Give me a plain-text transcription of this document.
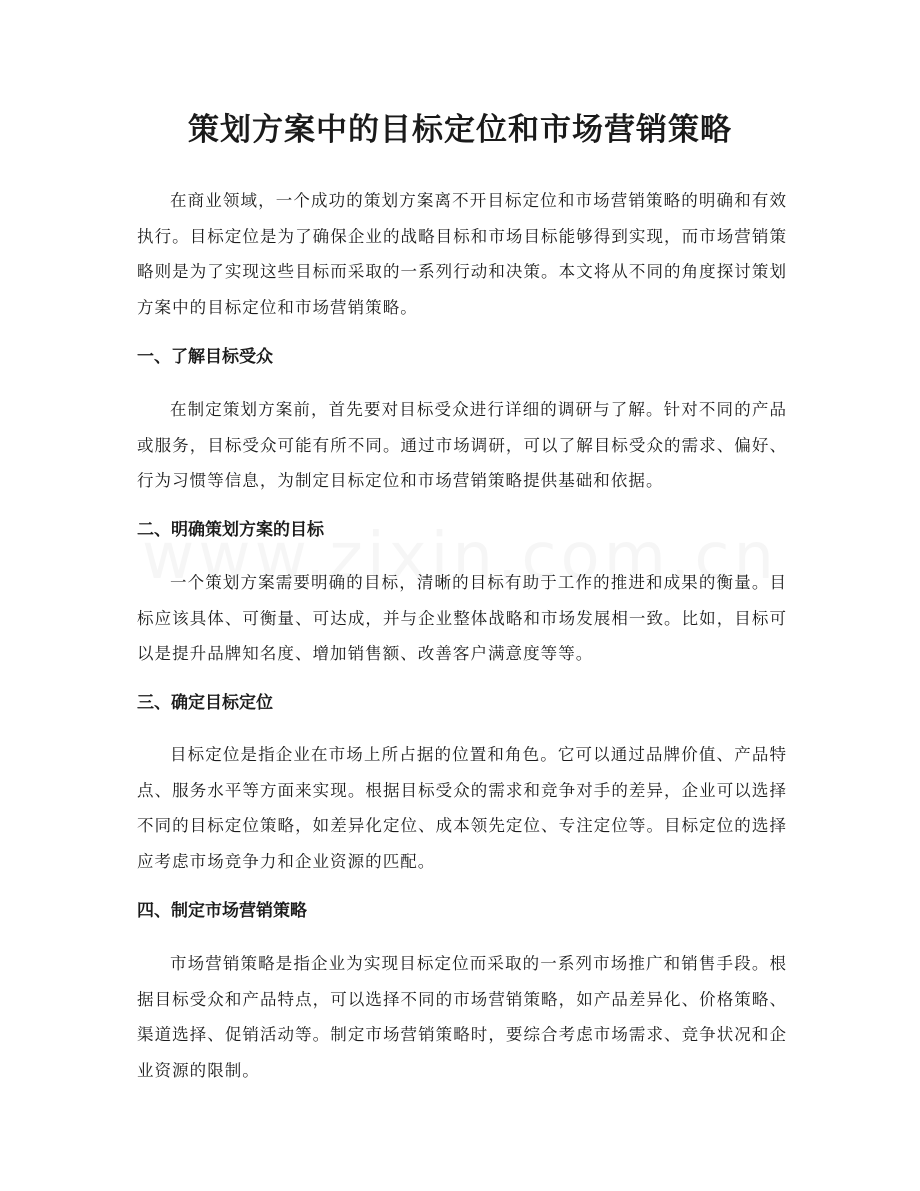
策划方案中的目标定位和市场营销策略

在商业领域，一个成功的策划方案离不开目标定位和市场营销策略的明确和有效执行。目标定位是为了确保企业的战略目标和市场目标能够得到实现，而市场营销策略则是为了实现这些目标而采取的一系列行动和决策。本文将从不同的角度探讨策划方案中的目标定位和市场营销策略。

一、了解目标受众

在制定策划方案前，首先要对目标受众进行详细的调研与了解。针对不同的产品或服务，目标受众可能有所不同。通过市场调研，可以了解目标受众的需求、偏好、行为习惯等信息，为制定目标定位和市场营销策略提供基础和依据。

二、明确策划方案的目标

一个策划方案需要明确的目标，清晰的目标有助于工作的推进和成果的衡量。目标应该具体、可衡量、可达成，并与企业整体战略和市场发展相一致。比如，目标可以是提升品牌知名度、增加销售额、改善客户满意度等等。

三、确定目标定位

目标定位是指企业在市场上所占据的位置和角色。它可以通过品牌价值、产品特点、服务水平等方面来实现。根据目标受众的需求和竞争对手的差异，企业可以选择不同的目标定位策略，如差异化定位、成本领先定位、专注定位等。目标定位的选择应考虑市场竞争力和企业资源的匹配。

四、制定市场营销策略

市场营销策略是指企业为实现目标定位而采取的一系列市场推广和销售手段。根据目标受众和产品特点，可以选择不同的市场营销策略，如产品差异化、价格策略、渠道选择、促销活动等。制定市场营销策略时，要综合考虑市场需求、竞争状况和企业资源的限制。
